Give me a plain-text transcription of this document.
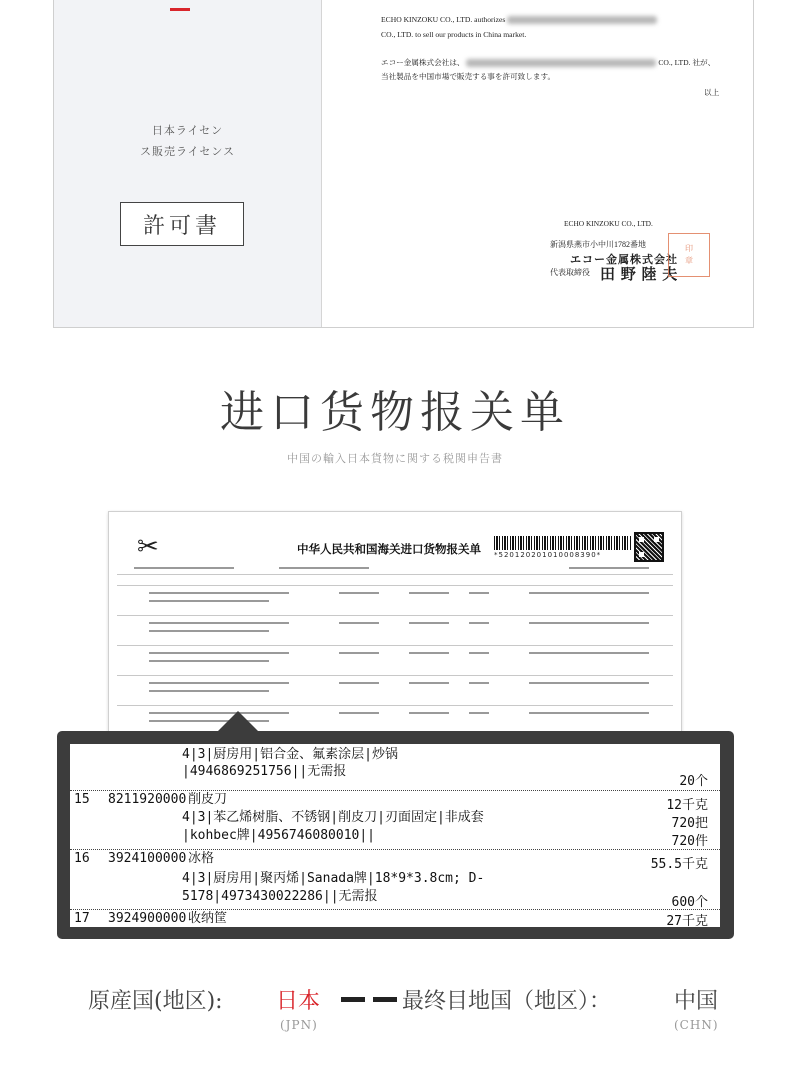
日本ライセン
ス販売ライセンス
許可書
ECHO KINZOKU CO., LTD. authorizes
CO., LTD. to sell our products in China market.
エコー金属株式会社は、	CO., LTD. 社が、
当社製品を中国市場で販売する事を許可致します。
以上
ECHO KINZOKU CO., LTD.
新潟県燕市小中川1782番地
エコー金属株式会社
代表取締役 田 野 陸 夫
印
章
进口货物报关单
中国の輸入日本貨物に関する税関申告書
✂	中华人民共和国海关进口货物报关单 *520120201010008390*
4|3|厨房用|铝合金、氟素涂层|炒锅
|4946869251756||无需报
20个
15 8211920000 削皮刀
4|3|苯乙烯树脂、不锈钢|削皮刀|刃面固定|非成套
|kohbec牌|4956746080010||
12千克
720把
720件
16 3924100000 冰格
4|3|厨房用|聚丙烯|Sanada牌|18*9*3.8cm; D-
5178|4973430022286||无需报
55.5千克
600个
17 3924900000 收纳筐	27千克
原産国(地区): 日本	最终目地国（地区）：	中国
(JPN)	(CHN)
